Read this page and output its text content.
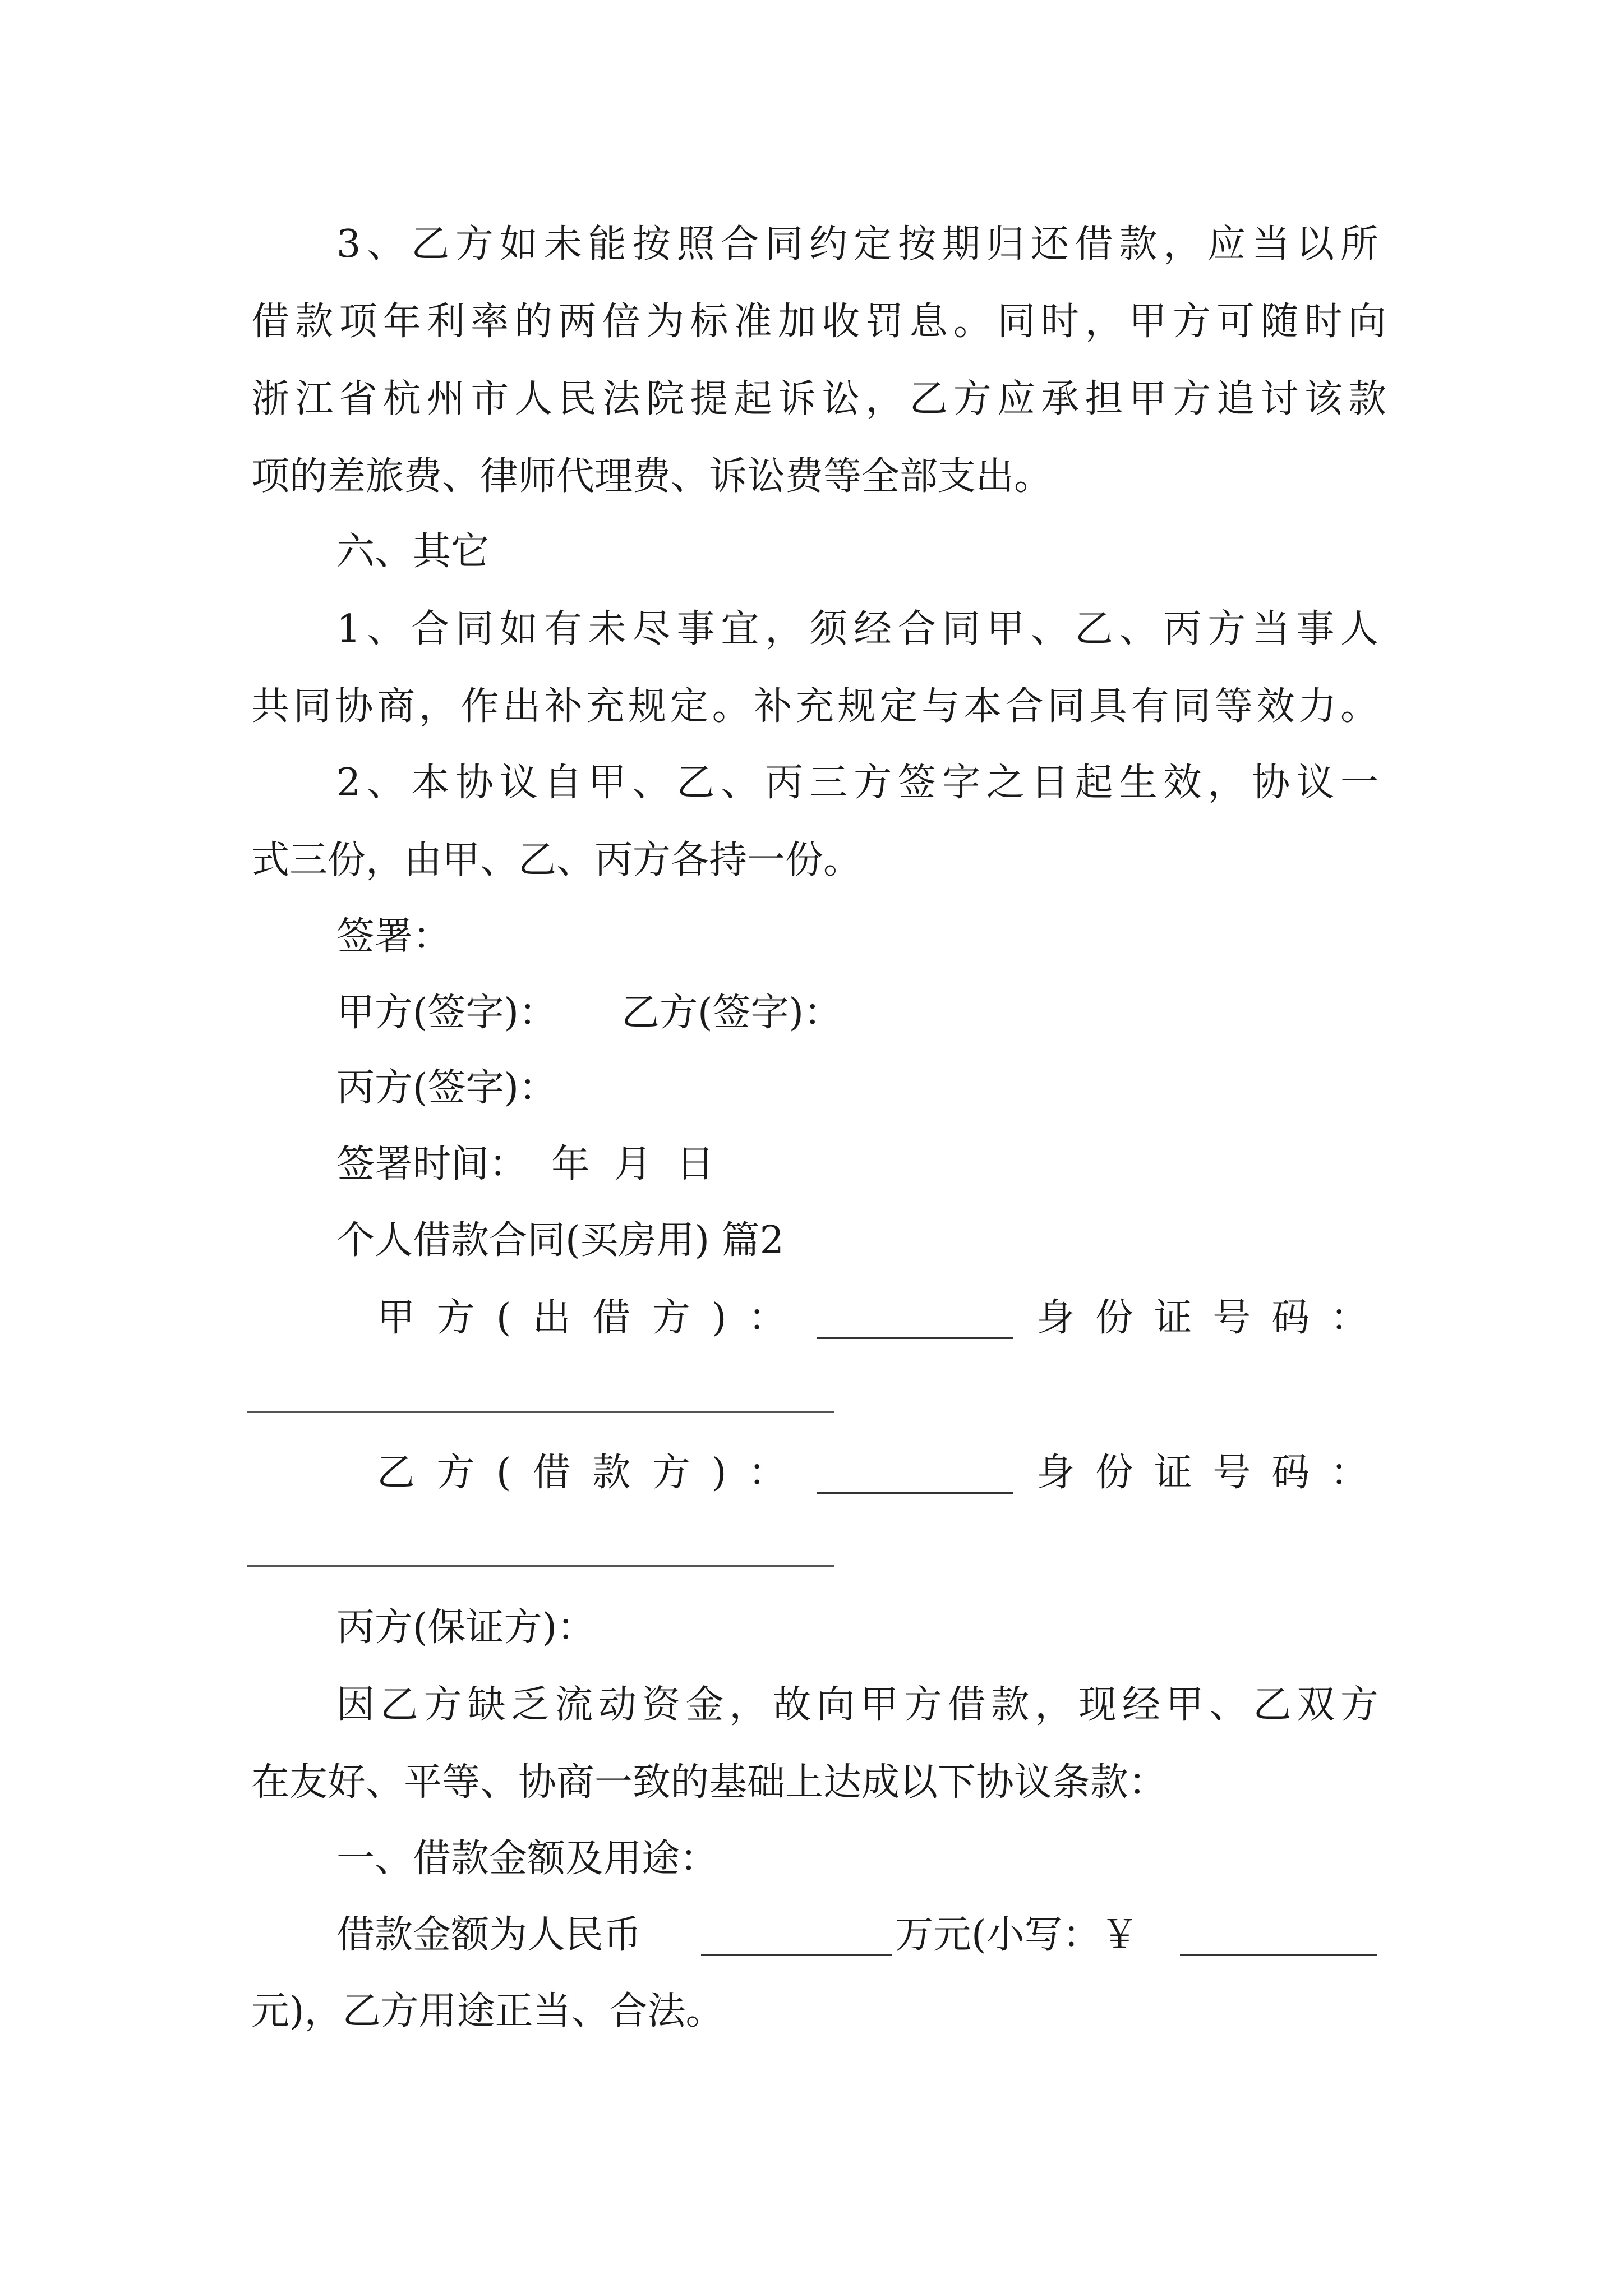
3、乙方如未能按照合同约定按期归还借款，应当以所
借款项年利率的两倍为标准加收罚息。同时，甲方可随时向
浙江省杭州市人民法院提起诉讼，乙方应承担甲方追讨该款
项的差旅费、律师代理费、诉讼费等全部支出。
六、其它
1、合同如有未尽事宜，须经合同甲、乙、丙方当事人
共同协商，作出补充规定。补充规定与本合同具有同等效力。
2、本协议自甲、乙、丙三方签字之日起生效，协议一
式三份，由甲、乙、丙方各持一份。
签署：
甲方(签字)： 乙方(签字)：
丙方(签字)：
签署时间：  年  月  日
个人借款合同(买房用) 篇2
甲方(出借方)：	身份证号码：
乙方(借款方)：	身份证号码：
丙方(保证方)：
因乙方缺乏流动资金，故向甲方借款，现经甲、乙双方
在友好、平等、协商一致的基础上达成以下协议条款：
一、借款金额及用途：
借款金额为人民币	万元(小写：￥
元)，乙方用途正当、合法。
